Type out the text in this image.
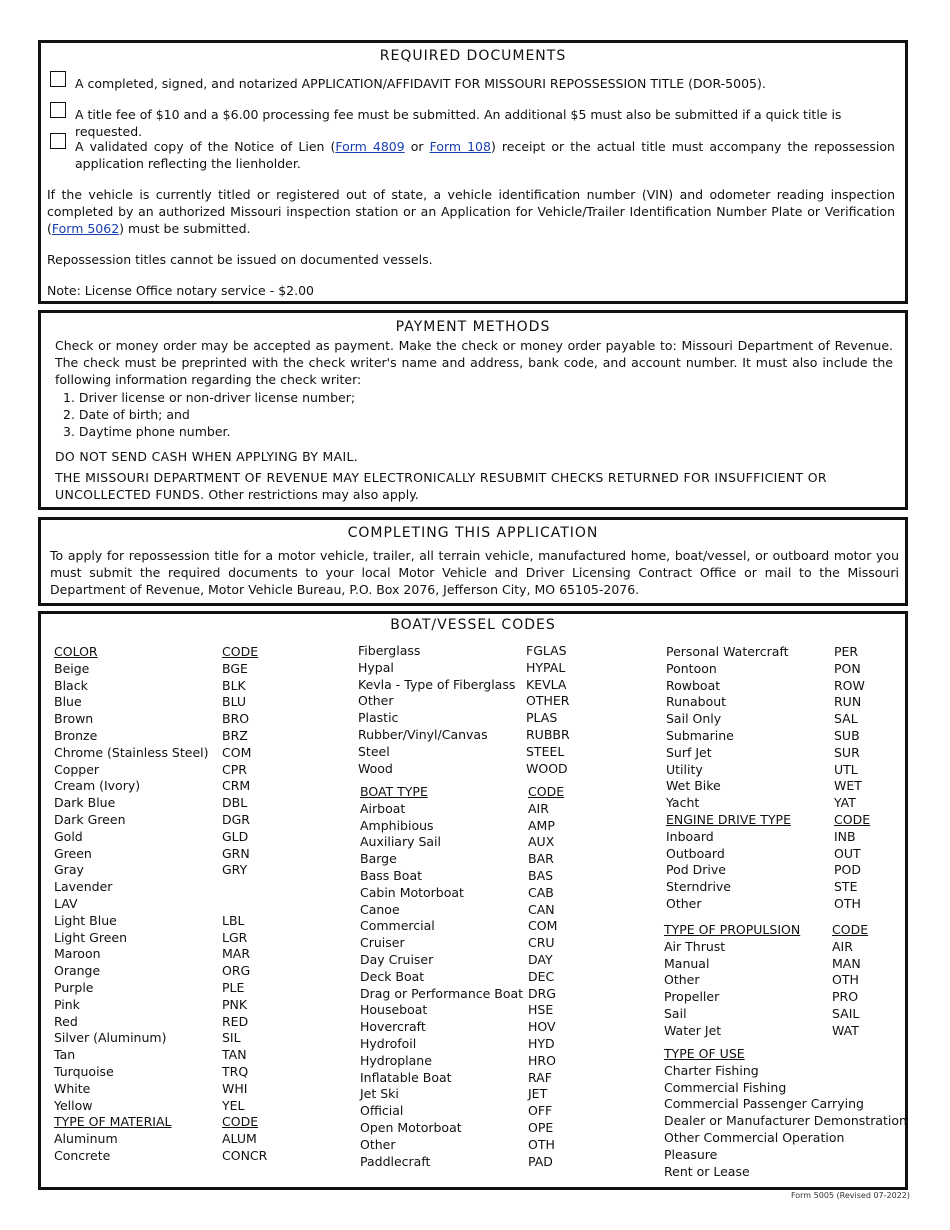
REQUIRED DOCUMENTS
A completed, signed, and notarized APPLICATION/AFFIDAVIT FOR MISSOURI REPOSSESSION TITLE (DOR-5005).
A title fee of $10 and a $6.00 processing fee must be submitted. An additional $5 must also be submitted if a quick title is requested.
A validated copy of the Notice of Lien (Form 4809 or Form 108) receipt or the actual title must accompany the repossession application reflecting the lienholder.
If the vehicle is currently titled or registered out of state, a vehicle identification number (VIN) and odometer reading inspection completed by an authorized Missouri inspection station or an Application for Vehicle/Trailer Identification Number Plate or Verification (Form 5062) must be submitted.
Repossession titles cannot be issued on documented vessels.
Note: License Office notary service - $2.00
PAYMENT METHODS
Check or money order may be accepted as payment. Make the check or money order payable to: Missouri Department of Revenue. The check must be preprinted with the check writer's name and address, bank code, and account number. It must also include the following information regarding the check writer:
1. Driver license or non-driver license number;
2. Date of birth; and
3. Daytime phone number.
DO NOT SEND CASH WHEN APPLYING BY MAIL.
THE MISSOURI DEPARTMENT OF REVENUE MAY ELECTRONICALLY RESUBMIT CHECKS RETURNED FOR INSUFFICIENT OR UNCOLLECTED FUNDS. Other restrictions may also apply.
COMPLETING THIS APPLICATION
To apply for repossession title for a motor vehicle, trailer, all terrain vehicle, manufactured home, boat/vessel, or outboard motor you must submit the required documents to your local Motor Vehicle and Driver Licensing Contract Office or mail to the Missouri Department of Revenue, Motor Vehicle Bureau, P.O. Box 2076, Jefferson City, MO 65105-2076.
BOAT/VESSEL CODES
COLOR	CODE
Beige	BGE
Black	BLK
Blue	BLU
Brown	BRO
Bronze	BRZ
Chrome (Stainless Steel) COM
Copper	CPR
Cream (Ivory)	CRM
Dark Blue	DBL
Dark Green	DGR
Gold	GLD
Green	GRN
Gray	GRY
Lavender
LAV
Light Blue	LBL
Light Green	LGR
Maroon	MAR
Orange	ORG
Purple	PLE
Pink	PNK
Red	RED
Silver (Aluminum)	SIL
Tan	TAN
Turquoise	TRQ
White	WHI
Yellow	YEL
TYPE OF MATERIAL	CODE
Aluminum	ALUM
Concrete	CONCR
Fiberglass	FGLAS
Hypal	HYPAL
Kevla - Type of Fiberglass KEVLA
Other	OTHER
Plastic	PLAS
Rubber/Vinyl/Canvas	RUBBR
Steel	STEEL
Wood	WOOD
BOAT TYPE	CODE
Airboat	AIR
Amphibious	AMP
Auxiliary Sail	AUX
Barge	BAR
Bass Boat	BAS
Cabin Motorboat	CAB
Canoe	CAN
Commercial	COM
Cruiser	CRU
Day Cruiser	DAY
Deck Boat	DEC
Drag or Performance Boat DRG
Houseboat	HSE
Hovercraft	HOV
Hydrofoil	HYD
Hydroplane	HRO
Inflatable Boat	RAF
Jet Ski	JET
Official	OFF
Open Motorboat	OPE
Other	OTH
Paddlecraft	PAD
Personal Watercraft	PER
Pontoon	PON
Rowboat	ROW
Runabout	RUN
Sail Only	SAL
Submarine	SUB
Surf Jet	SUR
Utility	UTL
Wet Bike	WET
Yacht	YAT
ENGINE DRIVE TYPE	CODE
Inboard	INB
Outboard	OUT
Pod Drive	POD
Sterndrive	STE
Other	OTH
TYPE OF PROPULSION	CODE
Air Thrust	AIR
Manual	MAN
Other	OTH
Propeller	PRO
Sail	SAIL
Water Jet	WAT
TYPE OF USE
Charter Fishing
Commercial Fishing
Commercial Passenger Carrying
Dealer or Manufacturer Demonstration
Other Commercial Operation
Pleasure
Rent or Lease
Form 5005 (Revised 07-2022)
